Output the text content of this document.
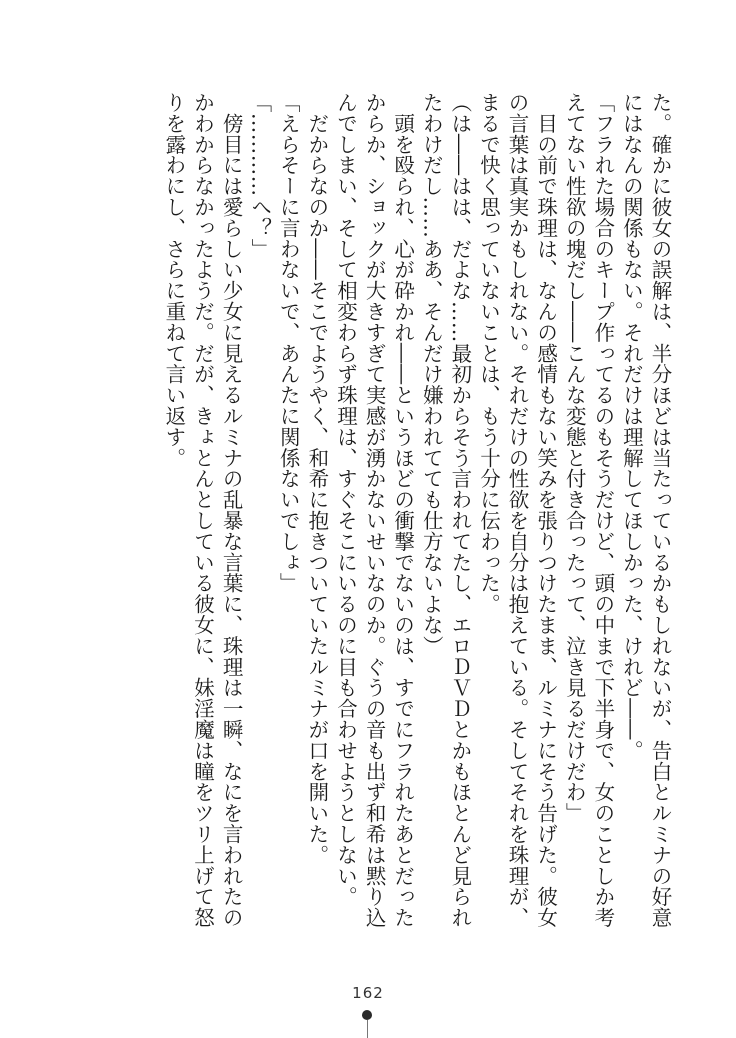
た。確かに彼女の誤解は、半分ほどは当たっているかもしれないが、告白とルミナの好意
にはなんの関係もない。それだけは理解してほしかった、けれど――。
「フラれた場合のキープ作ってるのもそうだけど、頭の中まで下半身で、女のことしか考
えてない性欲の塊だし――こんな変態と付き合ったって、泣き見るだけだわ」
　目の前で珠理は、なんの感情もない笑みを張りつけたまま、ルミナにそう告げた。彼女
の言葉は真実かもしれない。それだけの性欲を自分は抱えている。そしてそれを珠理が、
まるで快く思っていないことは、もう十分に伝わった。
（は――はは、だよな……最初からそう言われてたし、エロＤＶＤとかもほとんど見られ
たわけだし……ああ、そんだけ嫌われてても仕方ないよな）
　頭を殴られ、心が砕かれ――というほどの衝撃でないのは、すでにフラれたあとだった
からか、ショックが大きすぎて実感が湧かないせいなのか。ぐうの音も出ず和希は黙り込
んでしまい、そして相変わらず珠理は、すぐそこにいるのに目も合わせようとしない。
　だからなのか――そこでようやく、和希に抱きついていたルミナが口を開いた。
「えらそーに言わないで、あんたに関係ないでしょ」
「…………へ？」
　傍目には愛らしい少女に見えるルミナの乱暴な言葉に、珠理は一瞬、なにを言われたの
かわからなかったようだ。だが、きょとんとしている彼女に、妹淫魔は瞳をツリ上げて怒
りを露わにし、さらに重ねて言い返す。
162
